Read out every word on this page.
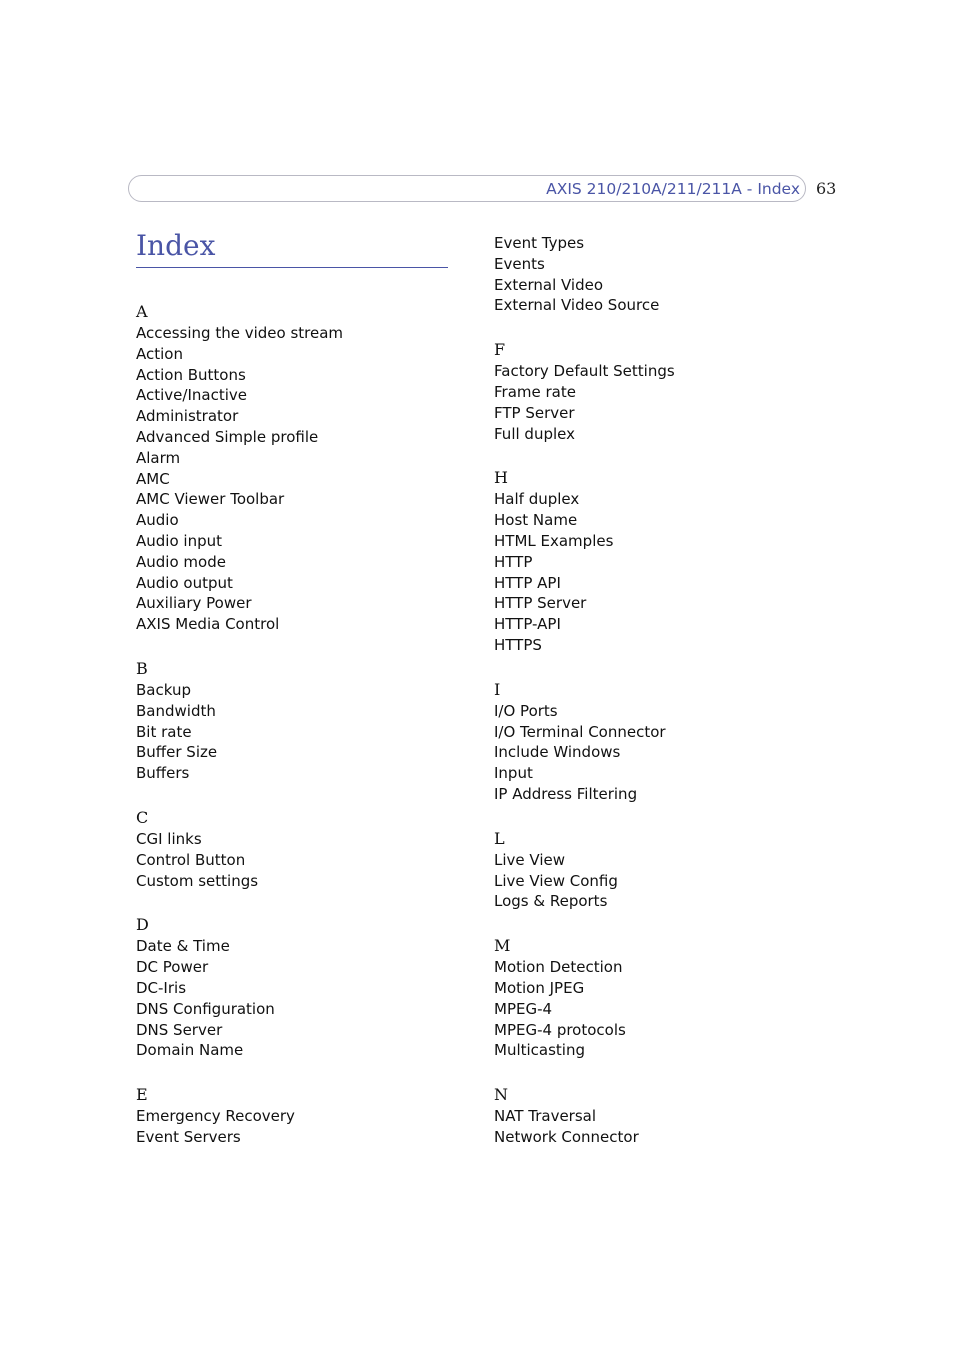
AXIS 210/210A/211/211A - Index 63
Index
A
Accessing the video stream
Action
Action Buttons
Active/Inactive
Administrator
Advanced Simple profile
Alarm
AMC
AMC Viewer Toolbar
Audio
Audio input
Audio mode
Audio output
Auxiliary Power
AXIS Media Control
B
Backup
Bandwidth
Bit rate
Buffer Size
Buffers
C
CGI links
Control Button
Custom settings
D
Date & Time
DC Power
DC-Iris
DNS Configuration
DNS Server
Domain Name
E
Emergency Recovery
Event Servers
Event Types
Events
External Video
External Video Source
F
Factory Default Settings
Frame rate
FTP Server
Full duplex
H
Half duplex
Host Name
HTML Examples
HTTP
HTTP API
HTTP Server
HTTP-API
HTTPS
I
I/O Ports
I/O Terminal Connector
Include Windows
Input
IP Address Filtering
L
Live View
Live View Config
Logs & Reports
M
Motion Detection
Motion JPEG
MPEG-4
MPEG-4 protocols
Multicasting
N
NAT Traversal
Network Connector
